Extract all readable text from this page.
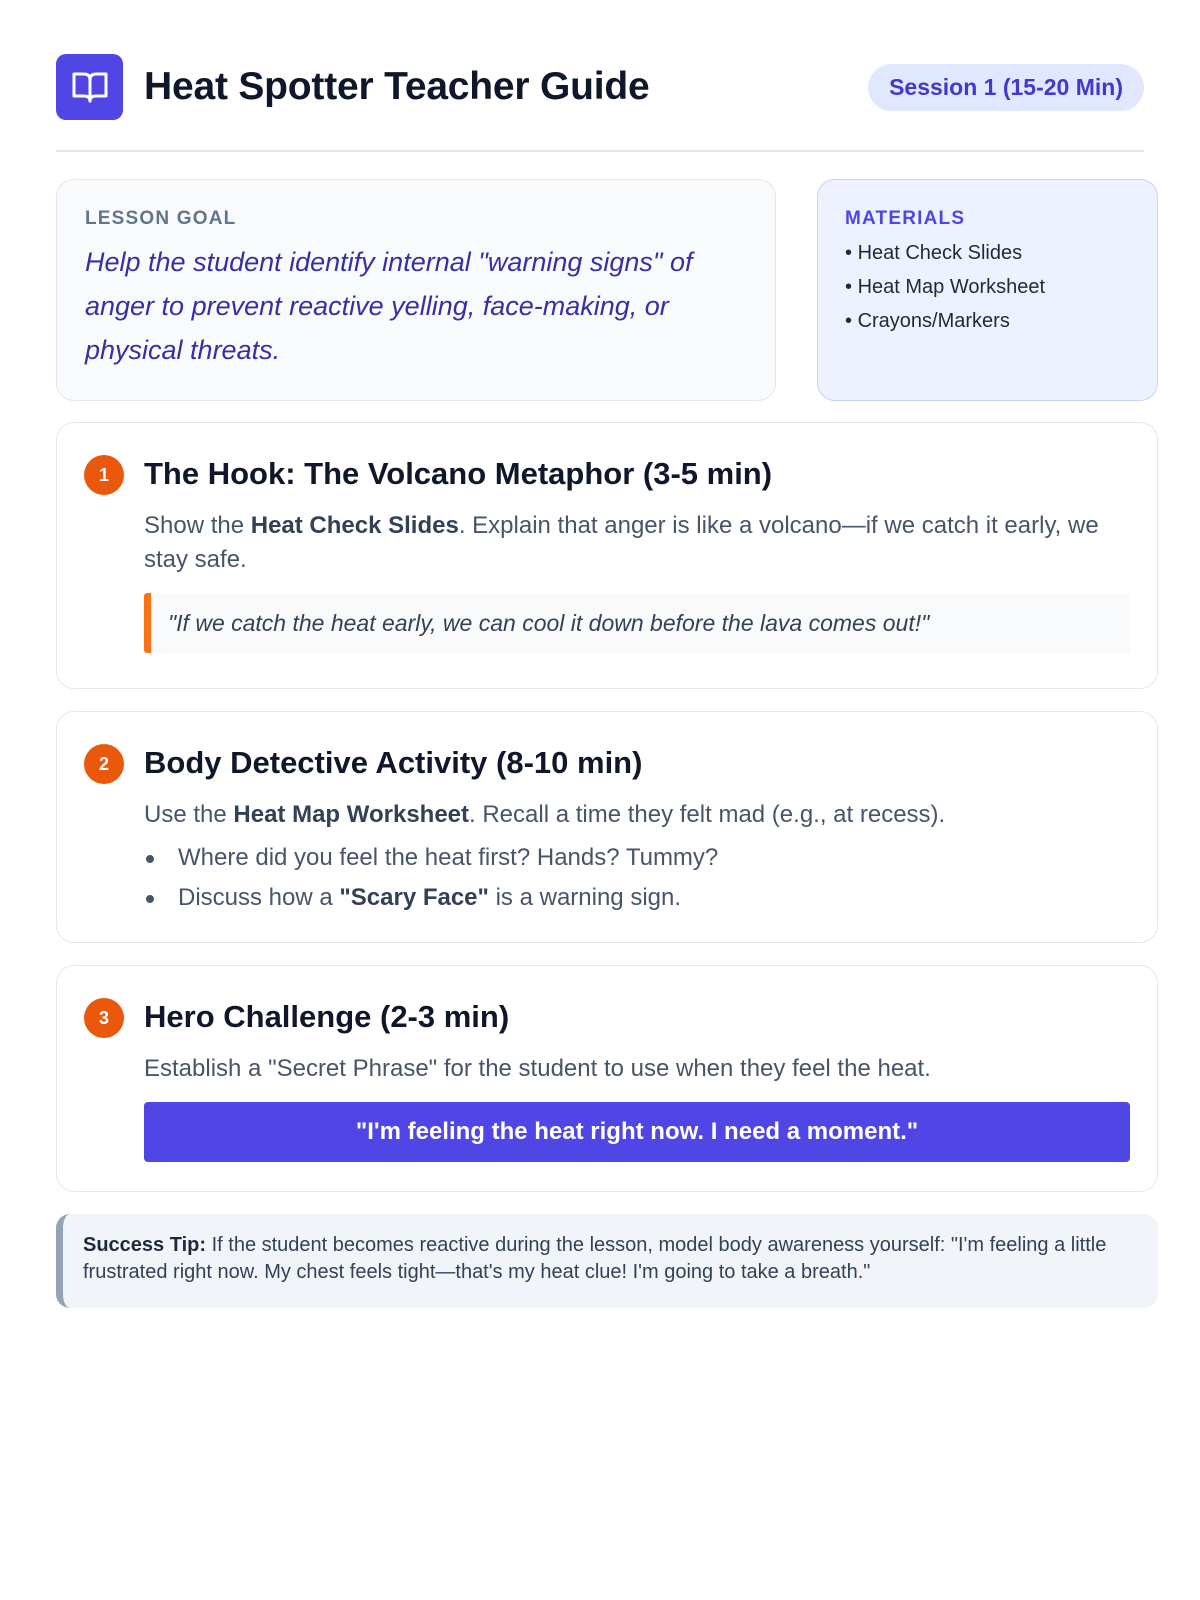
Heat Spotter Teacher Guide	Session 1 (15-20 Min)
LESSON GOAL
Help the student identify internal "warning signs" of anger to prevent reactive yelling, face-making, or physical threats.
MATERIALS
• Heat Check Slides
• Heat Map Worksheet
• Crayons/Markers
1	The Hook: The Volcano Metaphor (3-5 min)

Show the Heat Check Slides. Explain that anger is like a volcano—if we catch it early, we stay safe.

"If we catch the heat early, we can cool it down before the lava comes out!"
2	Body Detective Activity (8-10 min)

Use the Heat Map Worksheet. Recall a time they felt mad (e.g., at recess).

Where did you feel the heat first? Hands? Tummy?
Discuss how a "Scary Face" is a warning sign.
3	Hero Challenge (2-3 min)

Establish a "Secret Phrase" for the student to use when they feel the heat.

"I'm feeling the heat right now. I need a moment."
Success Tip: If the student becomes reactive during the lesson, model body awareness yourself: "I'm feeling a little frustrated right now. My chest feels tight—that's my heat clue! I'm going to take a breath."
